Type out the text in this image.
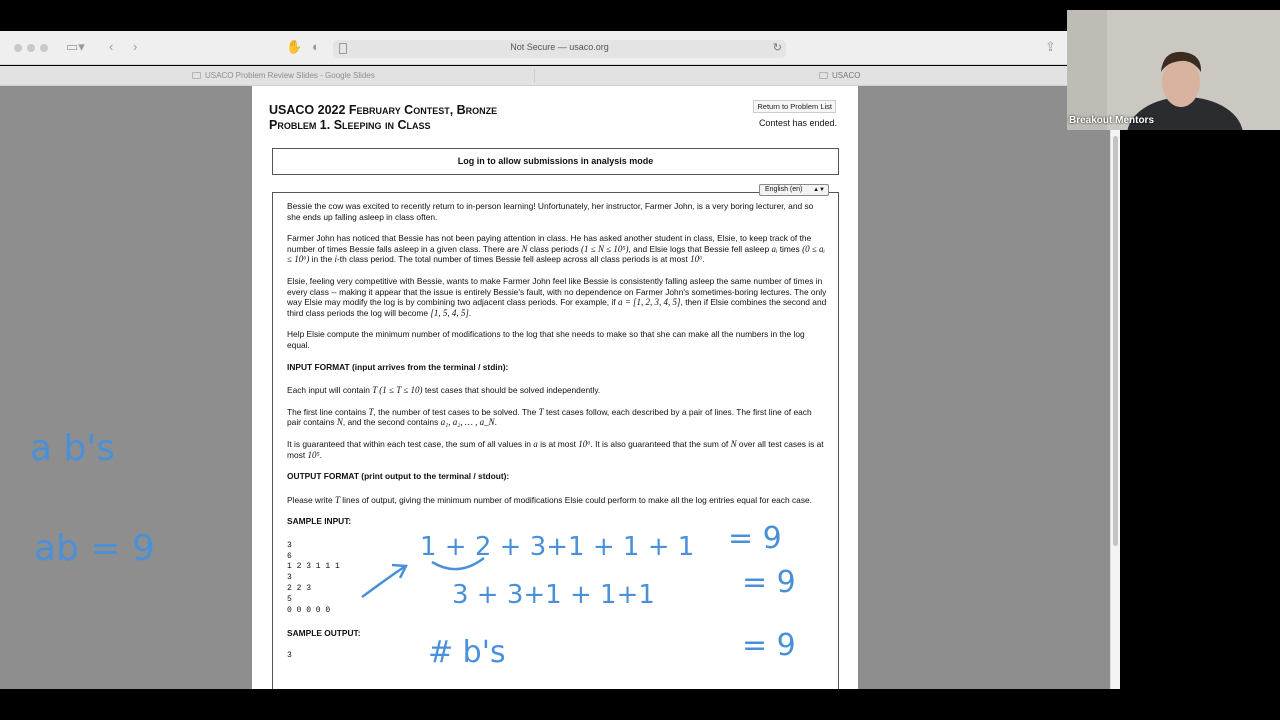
▭▾ ‹ ›	✋ ◐	Not Secure — usaco.org	↻	⇪
USACO Problem Review Slides - Google Slides	USACO
USACO 2022 February Contest, Bronze
Problem 1. Sleeping in Class
Return to Problem List
Contest has ended.
Log in to allow submissions in analysis mode

Bessie the cow was excited to recently return to in-person learning! Unfortunately, her instructor, Farmer John, is a very boring lecturer, and so she ends up falling asleep in class often.

Farmer John has noticed that Bessie has not been paying attention in class. He has asked another student in class, Elsie, to keep track of the number of times Bessie falls asleep in a given class. There are N class periods (1 ≤ N ≤ 10⁵), and Elsie logs that Bessie fell asleep aᵢ times (0 ≤ aᵢ ≤ 10⁶) in the i-th class period. The total number of times Bessie fell asleep across all class periods is at most 10⁶.

Elsie, feeling very competitive with Bessie, wants to make Farmer John feel like Bessie is consistently falling asleep the same number of times in every class -- making it appear that the issue is entirely Bessie's fault, with no dependence on Farmer John's sometimes-boring lectures. The only way Elsie may modify the log is by combining two adjacent class periods. For example, if a = [1, 2, 3, 4, 5], then if Elsie combines the second and third class periods the log will become [1, 5, 4, 5].

Help Elsie compute the minimum number of modifications to the log that she needs to make so that she can make all the numbers in the log equal.

INPUT FORMAT (input arrives from the terminal / stdin):

Each input will contain T (1 ≤ T ≤ 10) test cases that should be solved independently.

The first line contains T, the number of test cases to be solved. The T test cases follow, each described by a pair of lines. The first line of each pair contains N, and the second contains a₁, a₂, … , a_N.

It is guaranteed that within each test case, the sum of all values in a is at most 10⁶. It is also guaranteed that the sum of N over all test cases is at most 10⁵.

OUTPUT FORMAT (print output to the terminal / stdout):

Please write T lines of output, giving the minimum number of modifications Elsie could perform to make all the log entries equal for each case.

SAMPLE INPUT:

3
6
1 2 3 1 1 1
3
2 2 3
5
0 0 0 0 0

SAMPLE OUTPUT:

3
English (en) ▲▼
a b's
ab = 9	1 + 2 + 3+1 + 1 + 1 = 9
3 + 3+1 + 1+1	= 9
# b's	= 9
Breakout Mentors
